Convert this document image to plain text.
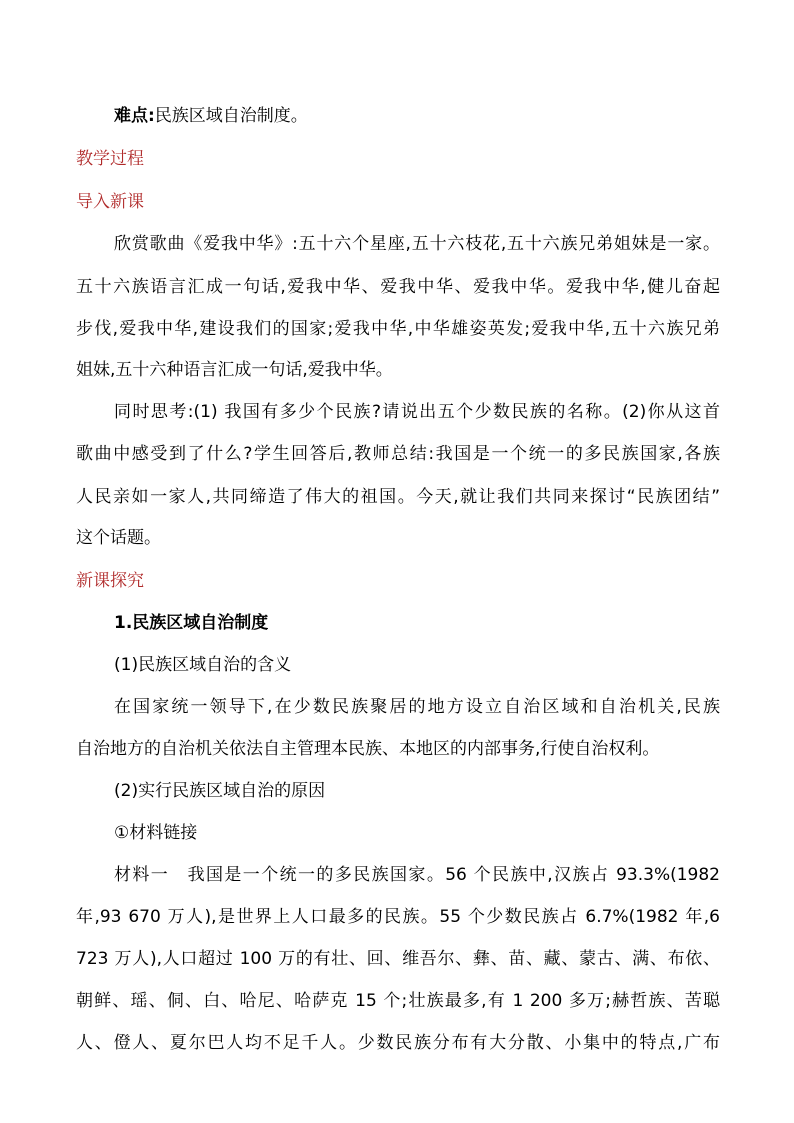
难点:民族区域自治制度。
教学过程
导入新课
欣赏歌曲《爱我中华》:五十六个星座,五十六枝花,五十六族兄弟姐妹是一家。
五十六族语言汇成一句话,爱我中华、爱我中华、爱我中华。爱我中华,健儿奋起
步伐,爱我中华,建设我们的国家;爱我中华,中华雄姿英发;爱我中华,五十六族兄弟
姐妹,五十六种语言汇成一句话,爱我中华。
同时思考:(1) 我国有多少个民族?请说出五个少数民族的名称。(2)你从这首
歌曲中感受到了什么?学生回答后,教师总结:我国是一个统一的多民族国家,各族
人民亲如一家人,共同缔造了伟大的祖国。今天,就让我们共同来探讨“民族团结”
这个话题。
新课探究
1.民族区域自治制度
(1)民族区域自治的含义
在国家统一领导下,在少数民族聚居的地方设立自治区域和自治机关,民族
自治地方的自治机关依法自主管理本民族、本地区的内部事务,行使自治权利。
(2)实行民族区域自治的原因
①材料链接
材料一　我国是一个统一的多民族国家。56 个民族中,汉族占 93.3%(1982
年,93 670 万人),是世界上人口最多的民族。55 个少数民族占 6.7%(1982 年,6
723 万人),人口超过 100 万的有壮、回、维吾尔、彝、苗、藏、蒙古、满、布依、
朝鲜、瑶、侗、白、哈尼、哈萨克 15 个;壮族最多,有 1 200 多万;赫哲族、苦聪
人、僜人、夏尔巴人均不足千人。少数民族分布有大分散、小集中的特点,广布
